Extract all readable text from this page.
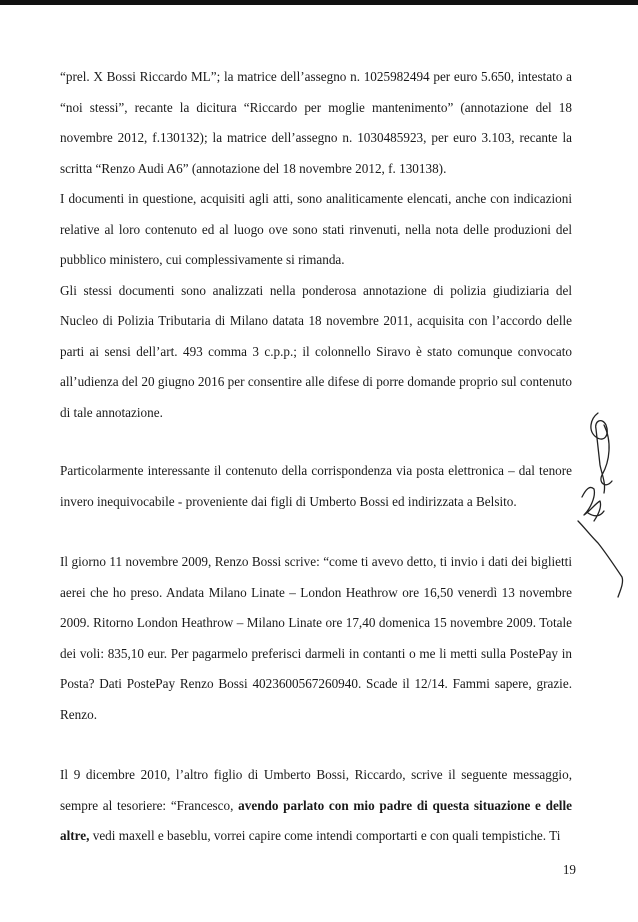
“prel. X Bossi Riccardo ML”; la matrice dell’assegno n. 1025982494 per euro 5.650, intestato a “noi stessi”, recante la dicitura “Riccardo per moglie mantenimento” (annotazione del 18 novembre 2012, f.130132); la matrice dell’assegno n. 1030485923, per euro 3.103, recante la scritta “Renzo Audi A6” (annotazione del 18 novembre 2012, f. 130138).

I documenti in questione, acquisiti agli atti, sono analiticamente elencati, anche con indicazioni relative al loro contenuto ed al luogo ove sono stati rinvenuti, nella nota delle produzioni del pubblico ministero, cui complessivamente si rimanda.

Gli stessi documenti sono analizzati nella ponderosa annotazione di polizia giudiziaria del Nucleo di Polizia Tributaria di Milano datata 18 novembre 2011, acquisita con l’accordo delle parti ai sensi dell’art. 493 comma 3 c.p.p.; il colonnello Siravo è stato comunque convocato all’udienza del 20 giugno 2016 per consentire alle difese di porre domande proprio sul contenuto di tale annotazione.

Particolarmente interessante il contenuto della corrispondenza via posta elettronica – dal tenore invero inequivocabile - proveniente dai figli di Umberto Bossi ed indirizzata a Belsito.

Il giorno 11 novembre 2009, Renzo Bossi scrive: “come ti avevo detto, ti invio i dati dei biglietti aerei che ho preso. Andata Milano Linate – London Heathrow ore 16,50 venerdì 13 novembre 2009. Ritorno London Heathrow – Milano Linate ore 17,40 domenica 15 novembre 2009. Totale dei voli: 835,10 eur. Per pagarmelo preferisci darmeli in contanti o me li metti sulla PostePay in Posta? Dati PostePay Renzo Bossi 4023600567260940. Scade il 12/14. Fammi sapere, grazie. Renzo.

Il 9 dicembre 2010, l’altro figlio di Umberto Bossi, Riccardo, scrive il seguente messaggio, sempre al tesoriere: “Francesco, avendo parlato con mio padre di questa situazione e delle altre, vedi maxell e baseblu, vorrei capire come intendi comportarti e con quali tempistiche. Ti

19
